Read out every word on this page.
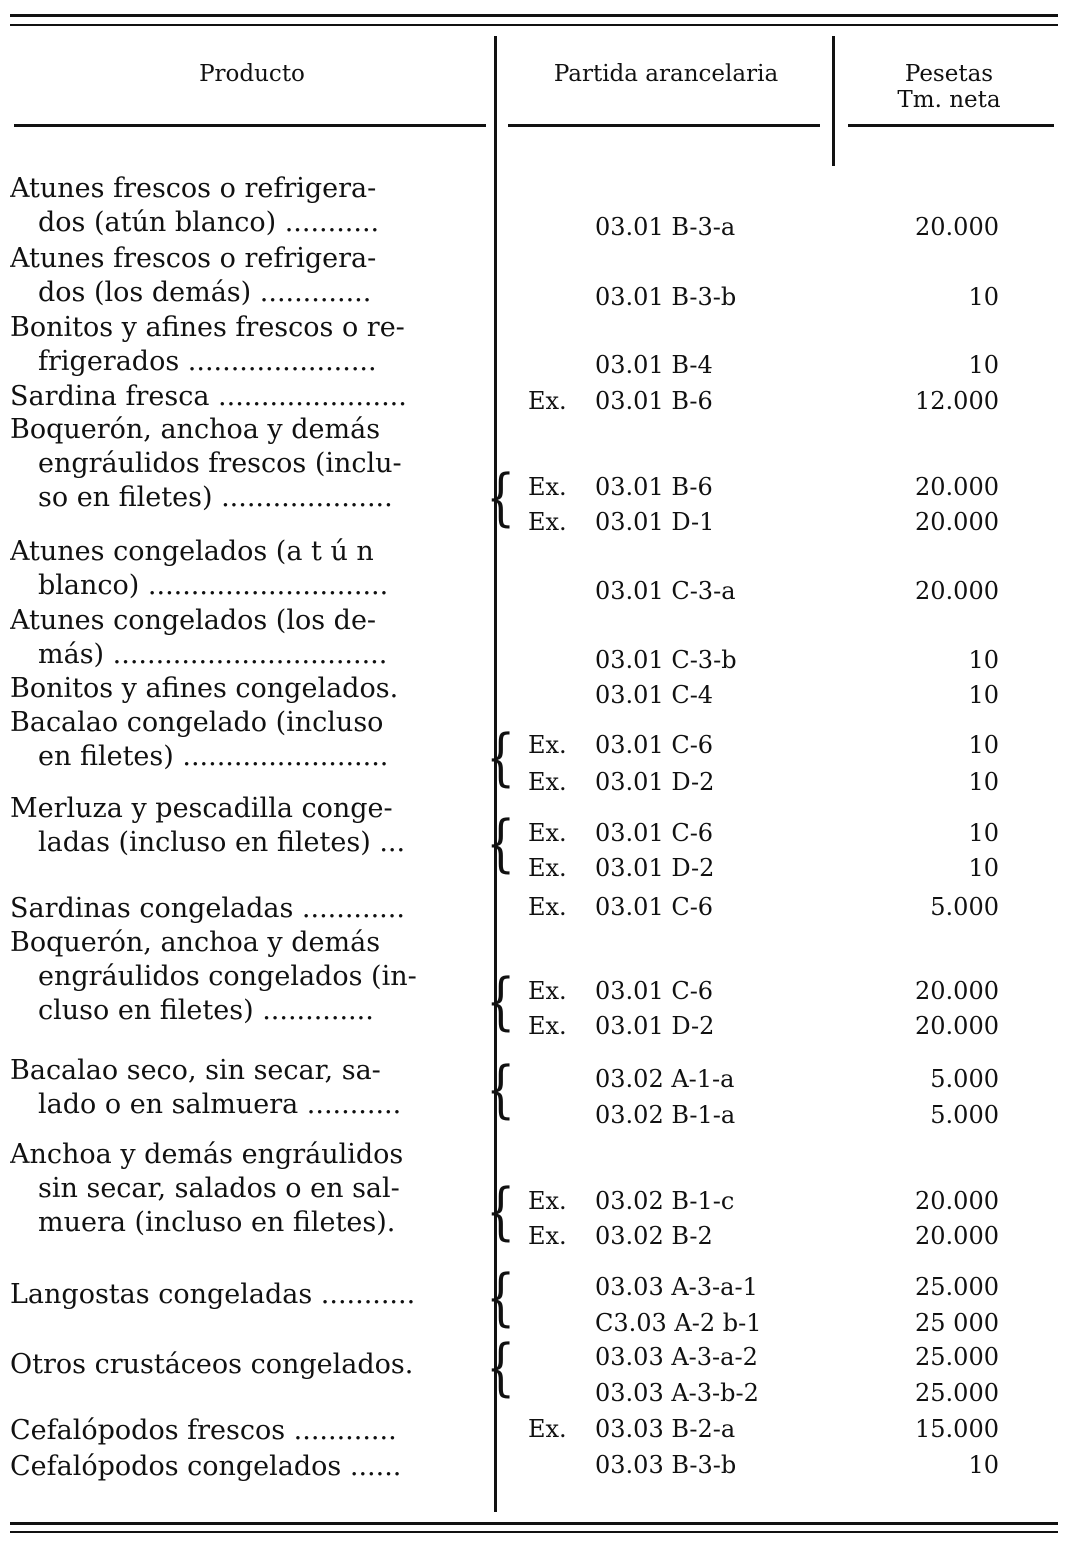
Producto	Partida arancelaria	Pesetas
Tm. neta
Atunes frescos o refrigera-
dos (atún blanco) ...........	03.01 B-3-a	20.000
Atunes frescos o refrigera-
dos (los demás) .............	03.01 B-3-b	10
Bonitos y afines frescos o re-
frigerados ......................	03.01 B-4	10
Sardina fresca ......................	Ex. 03.01 B-6	12.000
Boquerón, anchoa y demás
engráulidos frescos (inclu-
so en filetes) ....................	Ex. 03.01 B-6	20.000
Ex. 03.01 D-1	20.000
{
Atunes congelados (a t ú n
blanco) ............................	03.01 C-3-a	20.000
Atunes congelados (los de-
más) ................................	03.01 C-3-b	10
Bonitos y afines congelados.	03.01 C-4	10
Bacalao congelado (incluso
en filetes) ........................	Ex. 03.01 C-6	10
Ex. 03.01 D-2	10
{
Merluza y pescadilla conge-
ladas (incluso en filetes) ...	Ex. 03.01 C-6	10
Ex. 03.01 D-2	10
{
Sardinas congeladas ............	Ex. 03.01 C-6	5.000
Boquerón, anchoa y demás
engráulidos congelados (in-
cluso en filetes) .............
Ex. 03.01 C-6	20.000
Ex. 03.01 D-2	20.000
{
Bacalao seco, sin secar, sa-
lado o en salmuera ...........
03.02 A-1-a	5.000
03.02 B-1-a	5.000
{
Anchoa y demás engráulidos
sin secar, salados o en sal-
muera (incluso en filetes).
Ex. 03.02 B-1-c	20.000
Ex. 03.02 B-2	20.000
{
Langostas congeladas ...........	03.03 A-3-a-1	25.000
C3.03 A-2 b-1	25 000
{
Otros crustáceos congelados.	03.03 A-3-a-2	25.000
03.03 A-3-b-2	25.000
{
Cefalópodos frescos ............	Ex. 03.03 B-2-a	15.000
Cefalópodos congelados ......	03.03 B-3-b	10
